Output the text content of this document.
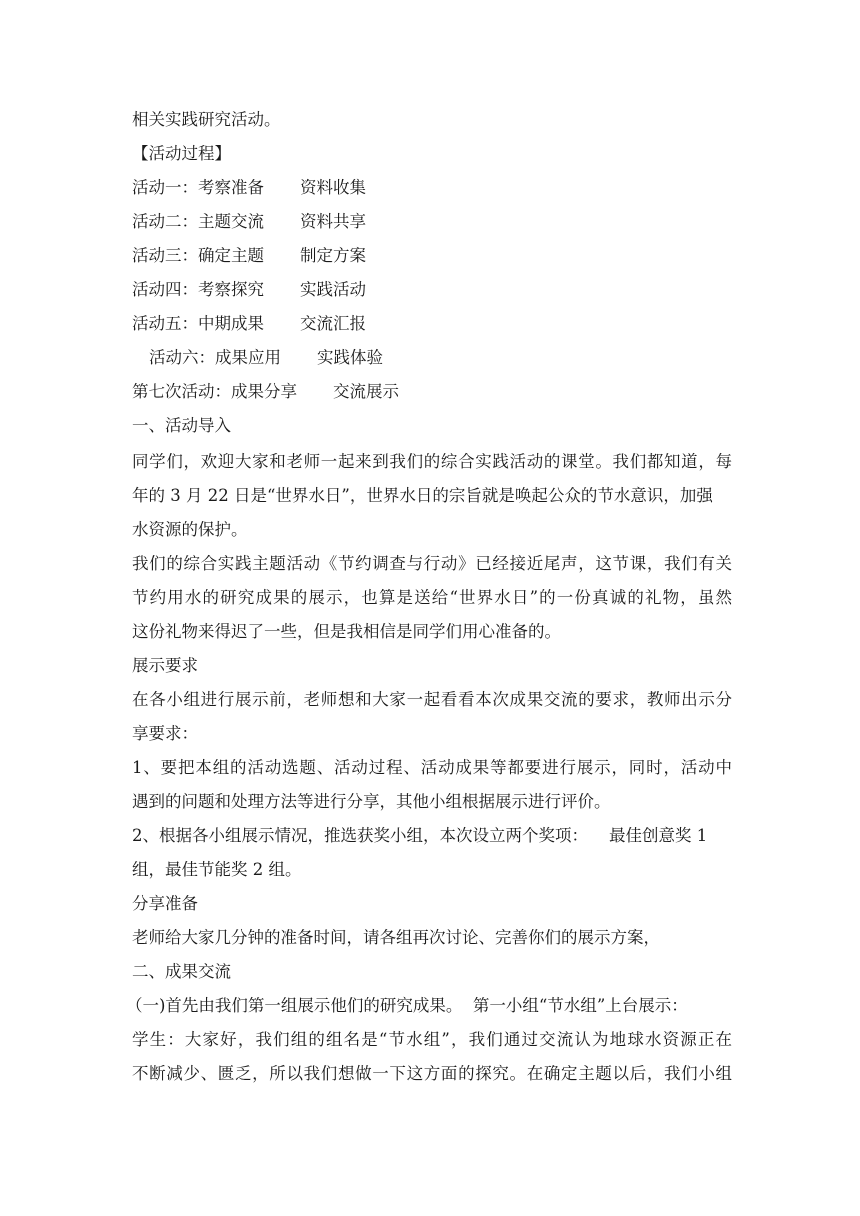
相关实践研究活动。
【活动过程】
活动一：考察准备 资料收集
活动二：主题交流 资料共享
活动三：确定主题 制定方案
活动四：考察探究 实践活动
活动五：中期成果 交流汇报
活动六：成果应用 实践体验
第七次活动：成果分享 交流展示
一、活动导入
同学们，欢迎大家和老师一起来到我们的综合实践活动的课堂。我们都知道，每
年的 3 月 22 日是“世界水日”，世界水日的宗旨就是唤起公众的节水意识，加强
水资源的保护。
我们的综合实践主题活动《节约调查与行动》已经接近尾声，这节课，我们有关
节约用水的研究成果的展示，也算是送给“世界水日”的一份真诚的礼物，虽然
这份礼物来得迟了一些，但是我相信是同学们用心准备的。
展示要求
在各小组进行展示前，老师想和大家一起看看本次成果交流的要求，教师出示分
享要求：
1、要把本组的活动选题、活动过程、活动成果等都要进行展示，同时，活动中
遇到的问题和处理方法等进行分享，其他小组根据展示进行评价。
2、根据各小组展示情况，推选获奖小组，本次设立两个奖项：    最佳创意奖 1
组，最佳节能奖 2 组。
分享准备
老师给大家几分钟的准备时间，请各组再次讨论、完善你们的展示方案，
二、成果交流
（一)首先由我们第一组展示他们的研究成果。  第一小组“节水组”上台展示：
学生：大家好，我们组的组名是“节水组”，我们通过交流认为地球水资源正在
不断减少、匮乏，所以我们想做一下这方面的探究。在确定主题以后，我们小组
